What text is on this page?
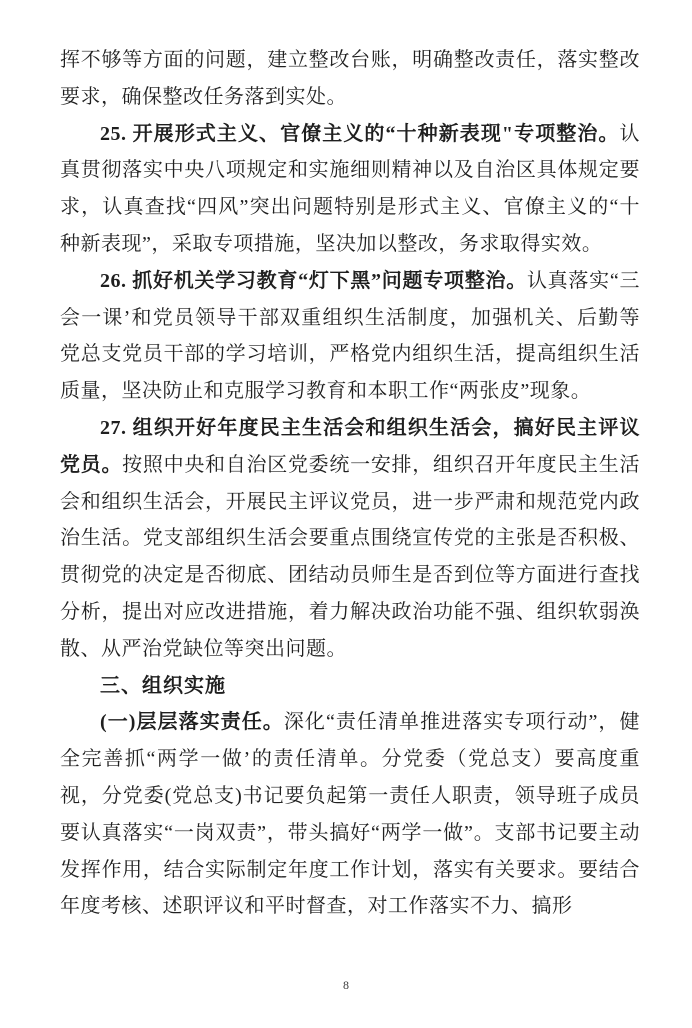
挥不够等方面的问题，建立整改台账，明确整改责任，落实整改要求，确保整改任务落到实处。

25. 开展形式主义、官僚主义的“十种新表现"专项整治。认真贯彻落实中央八项规定和实施细则精神以及自治区具体规定要求，认真查找“四风”突出问题特别是形式主义、官僚主义的“十种新表现”，采取专项措施，坚决加以整改，务求取得实效。

26. 抓好机关学习教育“灯下黑”问题专项整治。认真落实“三会一课’和党员领导干部双重组织生活制度，加强机关、后勤等党总支党员干部的学习培训，严格党内组织生活，提高组织生活质量，坚决防止和克服学习教育和本职工作“两张皮”现象。

27. 组织开好年度民主生活会和组织生活会，搞好民主评议党员。按照中央和自治区党委统一安排，组织召开年度民主生活会和组织生活会，开展民主评议党员，进一步严肃和规范党内政治生活。党支部组织生活会要重点围绕宣传党的主张是否积极、贯彻党的决定是否彻底、团结动员师生是否到位等方面进行查找分析，提出对应改进措施，着力解决政治功能不强、组织软弱涣散、从严治党缺位等突出问题。

三、组织实施

(一)层层落实责任。深化“责任清单推进落实专项行动”，健全完善抓“两学一做’的责任清单。分党委（党总支）要高度重视，分党委(党总支)书记要负起第一责任人职责，领导班子成员要认真落实“一岗双责”，带头搞好“两学一做”。支部书记要主动发挥作用，结合实际制定年度工作计划，落实有关要求。要结合年度考核、述职评议和平时督查，对工作落实不力、搞形

8
